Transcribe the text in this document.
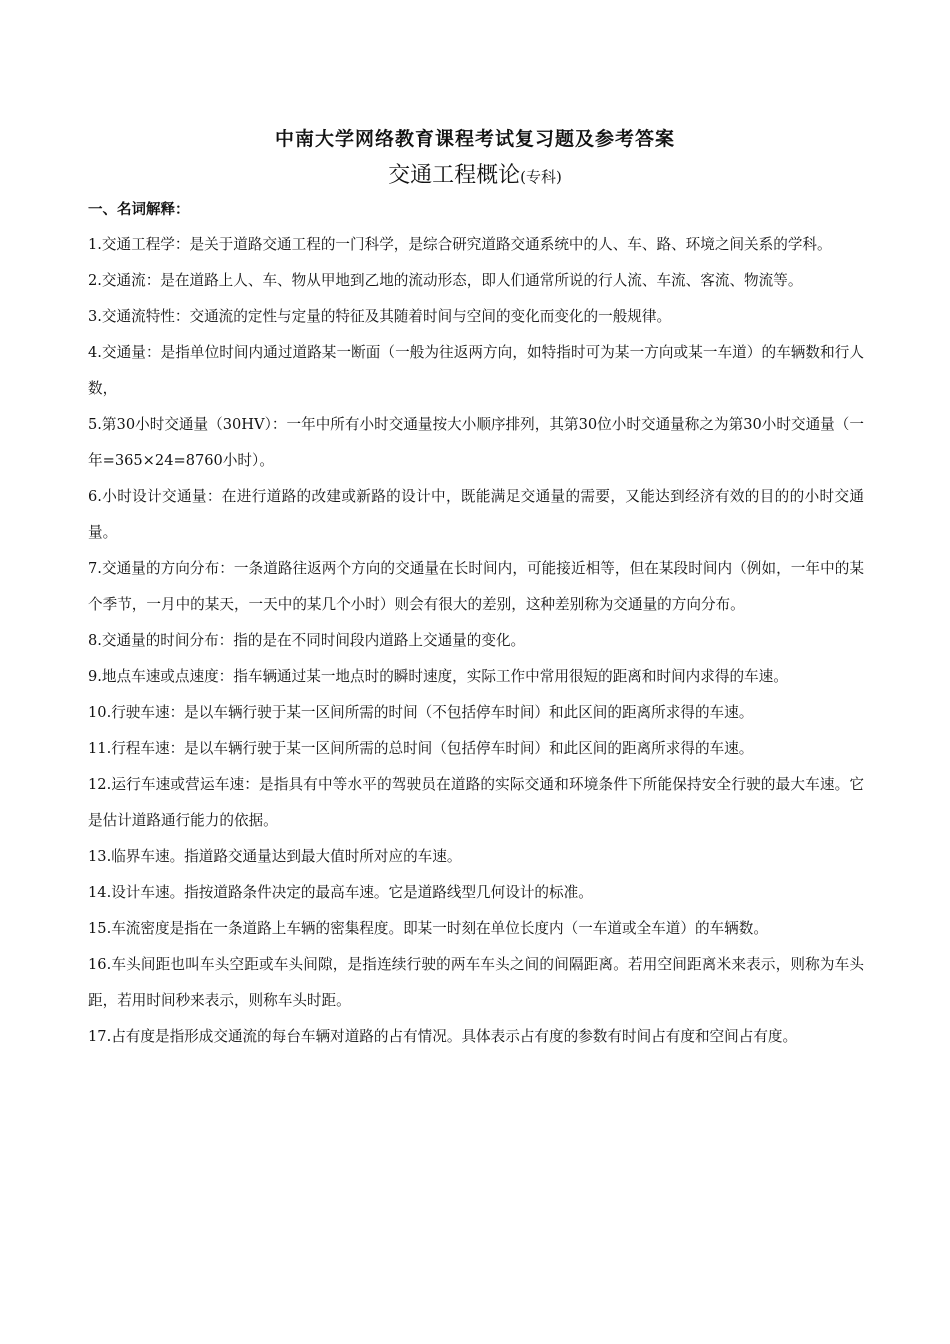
中南大学网络教育课程考试复习题及参考答案
交通工程概论(专科)
一、名词解释：
1.交通工程学：是关于道路交通工程的一门科学，是综合研究道路交通系统中的人、车、路、环境之间关系的学科。
2.交通流：是在道路上人、车、物从甲地到乙地的流动形态，即人们通常所说的行人流、车流、客流、物流等。
3.交通流特性：交通流的定性与定量的特征及其随着时间与空间的变化而变化的一般规律。
4.交通量：是指单位时间内通过道路某一断面（一般为往返两方向，如特指时可为某一方向或某一车道）的车辆数和行人数，
5.第30小时交通量（30HV）：一年中所有小时交通量按大小顺序排列，其第30位小时交通量称之为第30小时交通量（一年=365×24=8760小时）。
6.小时设计交通量：在进行道路的改建或新路的设计中，既能满足交通量的需要，又能达到经济有效的目的的小时交通量。
7.交通量的方向分布：一条道路往返两个方向的交通量在长时间内，可能接近相等，但在某段时间内（例如，一年中的某个季节，一月中的某天，一天中的某几个小时）则会有很大的差别，这种差别称为交通量的方向分布。
8.交通量的时间分布：指的是在不同时间段内道路上交通量的变化。
9.地点车速或点速度：指车辆通过某一地点时的瞬时速度，实际工作中常用很短的距离和时间内求得的车速。
10.行驶车速：是以车辆行驶于某一区间所需的时间（不包括停车时间）和此区间的距离所求得的车速。
11.行程车速：是以车辆行驶于某一区间所需的总时间（包括停车时间）和此区间的距离所求得的车速。
12.运行车速或营运车速：是指具有中等水平的驾驶员在道路的实际交通和环境条件下所能保持安全行驶的最大车速。它是估计道路通行能力的依据。
13.临界车速。指道路交通量达到最大值时所对应的车速。
14.设计车速。指按道路条件决定的最高车速。它是道路线型几何设计的标准。
15.车流密度是指在一条道路上车辆的密集程度。即某一时刻在单位长度内（一车道或全车道）的车辆数。
16.车头间距也叫车头空距或车头间隙，是指连续行驶的两车车头之间的间隔距离。若用空间距离米来表示，则称为车头距，若用时间秒来表示，则称车头时距。
17.占有度是指形成交通流的每台车辆对道路的占有情况。具体表示占有度的参数有时间占有度和空间占有度。
